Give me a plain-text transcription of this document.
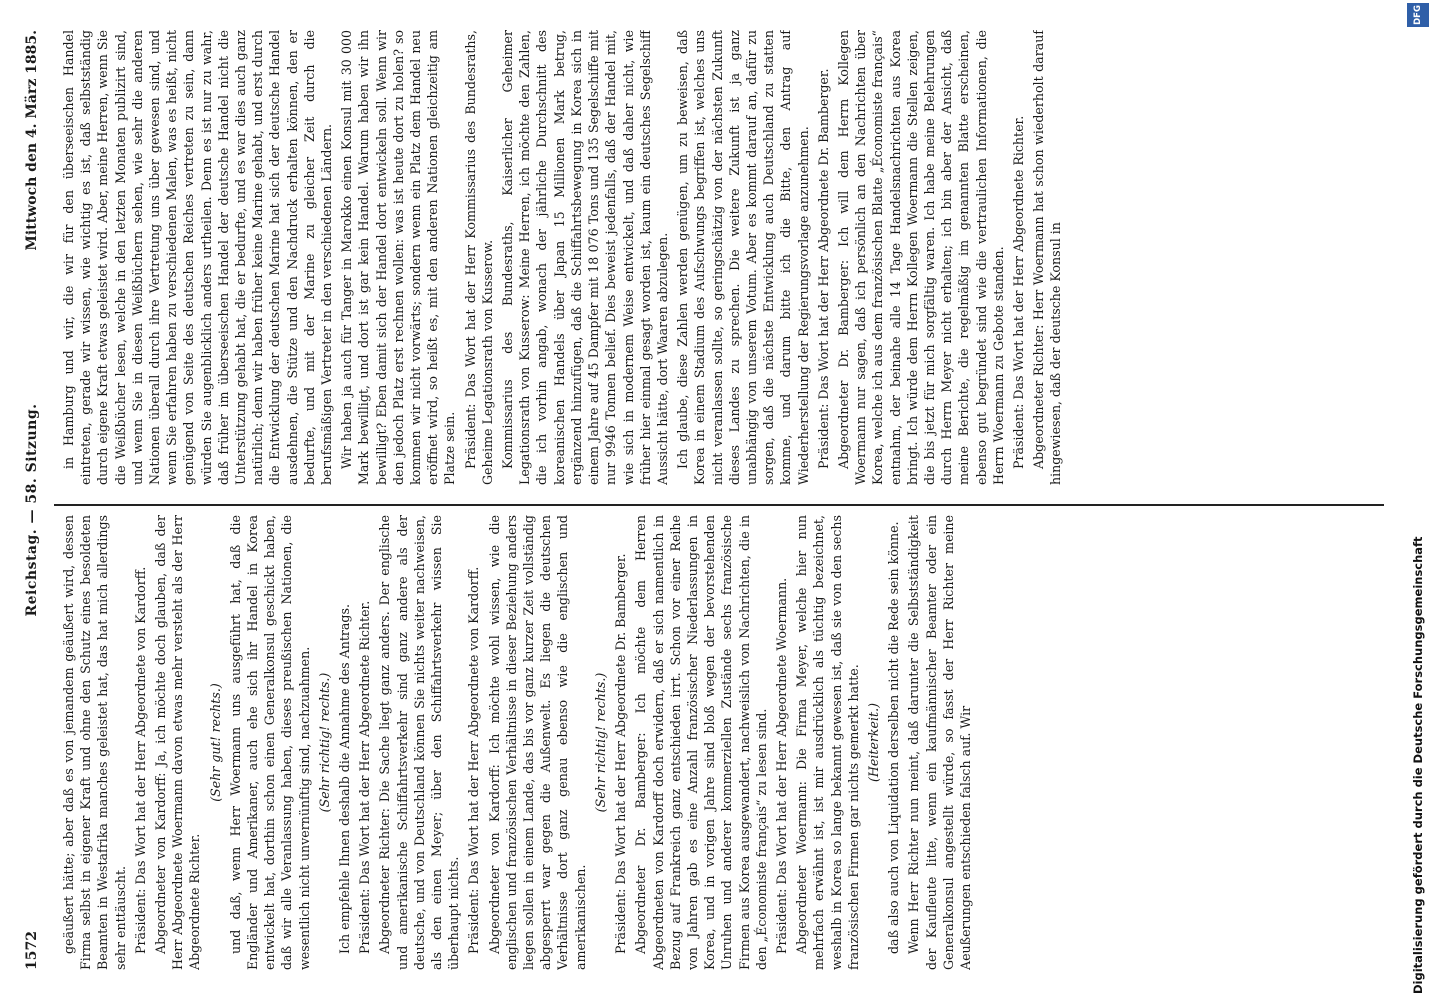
1572
Reichstag. — 58. Sitzung.
Mittwoch den 4. März 1885.

geäußert hätte; aber daß es von jemandem geäußert wird, dessen Firma selbst in eigener Kraft und ohne den Schutz eines besoldeten Beamten in Westafrika manches geleistet hat, das hat mich allerdings sehr enttäuscht. Präsident: Das Wort hat der Herr Abgeordnete von Kardorff. Abgeordneter von Kardorff: Ja, ich möchte doch glauben, daß der Herr Abgeordnete Woermann davon etwas mehr versteht als der Herr Abgeordnete Richter.

(Sehr gut! rechts.) und daß, wenn Herr Woermann uns ausgeführt hat, daß die Engländer und Amerikaner, auch ehe sich ihr Handel in Korea entwickelt hat, dorthin schon einen Generalkonsul geschickt haben, daß wir alle Veranlassung haben, dieses preußischen Nationen, die wesentlich nicht unvernünftig sind, nachzuahmen. (Sehr richtig! rechts.) Ich empfehle Ihnen deshalb die Annahme des Antrags. Präsident: Das Wort hat der Herr Abgeordnete Richter. Abgeordneter Richter: Die Sache liegt ganz anders. Der englische und amerikanische Schiffahrtsverkehr sind ganz andere als der deutsche, und von Deutschland können Sie nichts weiter nachweisen, als den einen Meyer; über den Schiffahrtsverkehr wissen Sie überhaupt nichts. Präsident: Das Wort hat der Herr Abgeordnete von Kardorff. Abgeordneter von Kardorff: Ich möchte wohl wissen, wie die englischen und französischen Verhältnisse in dieser Beziehung anders liegen sollen in einem Lande, das bis vor ganz kurzer Zeit vollständig abgesperrt war gegen die Außenwelt. Es liegen die deutschen Verhältnisse dort ganz genau ebenso wie die englischen und amerikanischen.

(Sehr richtig! rechts.) Präsident: Das Wort hat der Herr Abgeordnete Dr. Bamberger. Abgeordneter Dr. Bamberger: Ich möchte dem Herren Abgeordneten von Kardorff doch erwidern, daß er sich namentlich in Bezug auf Frankreich ganz entschieden irrt. Schon vor einer Reihe von Jahren gab es eine Anzahl französischer Niederlassungen in Korea, und in vorigen Jahre sind bloß wegen der bevorstehenden Unruhen und anderer kommerziellen Zustände sechs französische Firmen aus Korea ausgewandert, nachweislich von Nachrichten, die in den „Économiste français“ zu lesen sind. Präsident: Das Wort hat der Herr Abgeordnete Woermann. Abgeordneter Woermann: Die Firma Meyer, welche hier nun mehrfach erwähnt ist, ist mir ausdrücklich als tüchtig bezeichnet, weshalb in Korea so lange bekannt gewesen ist, daß sie von den sechs französischen Firmen gar nichts gemerkt hatte. (Heiterkeit.) daß also auch von Liquidation derselben nicht die Rede sein könne. Wenn Herr Richter nun meint, daß darunter die Selbstständigkeit der Kaufleute litte, wenn ein kaufmännischer Beamter oder ein Generalkonsul angestellt würde, so fasst der Herr Richter meine Aeußerungen entschieden falsch auf. Wir

in Hamburg und wir, die wir für den überseeischen Handel eintreten, gerade wir wissen, wie wichtig es ist, daß selbstständig durch eigene Kraft etwas geleistet wird. Aber, meine Herren, wenn Sie die Weißbücher lesen, welche in den letzten Monaten publizirt sind, und wenn Sie in diesen Weißbüchern sehen, wie sehr die anderen Nationen überall durch ihre Vertretung uns über gewesen sind, und wenn Sie erfahren haben zu verschiedenen Malen, was es heißt, nicht genügend von Seite des deutschen Reiches vertreten zu sein, dann würden Sie augenblicklich anders urtheilen. Denn es ist nur zu wahr, daß früher im überseeischen Handel der deutsche Handel nicht die Unterstützung gehabt hat, die er bedurfte, und es war dies auch ganz natürlich; denn wir haben früher keine Marine gehabt, und erst durch die Entwicklung der deutschen Marine hat sich der deutsche Handel ausdehnen, die Stütze und den Nachdruck erhalten können, den er bedurfte, und mit der Marine zu gleicher Zeit durch die berufsmäßigen Vertreter in den verschiedenen Ländern. Wir haben ja auch für Tanger in Marokko einen Konsul mit 30 000 Mark bewilligt, und dort ist gar kein Handel. Warum haben wir ihn bewilligt? Eben damit sich der Handel dort entwickeln soll. Wenn wir den jedoch Platz erst rechnen wollen: was ist heute dort zu holen? so kommen wir nicht vorwärts; sondern wenn ein Platz dem Handel neu eröffnet wird, so heißt es, mit den anderen Nationen gleichzeitig am Platze sein. Präsident: Das Wort hat der Herr Kommissarius des Bundesraths, Geheime Legationsrath von Kusserow. Kommissarius des Bundesraths, Kaiserlicher Geheimer Legationsrath von Kusserow: Meine Herren, ich möchte den Zahlen, die ich vorhin angab, wonach der jährliche Durchschnitt des koreanischen Handels über Japan 15 Millionen Mark betrug, ergänzend hinzufügen, daß die Schiffahrtsbewegung in Korea sich in einem Jahre auf 45 Dampfer mit 18 076 Tons und 135 Segelschiffe mit nur 9946 Tonnen belief. Dies beweist jedenfalls, daß der Handel mit, wie sich in modernem Weise entwickelt, und daß daher nicht, wie früher hier einmal gesagt worden ist, kaum ein deutsches Segelschiff Aussicht hätte, dort Waaren abzulegen. Ich glaube, diese Zahlen werden genügen, um zu beweisen, daß Korea in einem Stadium des Aufschwungs begriffen ist, welches uns nicht veranlassen sollte, so geringschätzig von der nächsten Zukunft dieses Landes zu sprechen. Die weitere Zukunft ist ja ganz unabhängig von unserem Votum. Aber es kommt darauf an, dafür zu sorgen, daß die nächste Entwicklung auch Deutschland zu statten komme, und darum bitte ich die Bitte, den Antrag auf Wiederherstellung der Regierungsvorlage anzunehmen. Präsident: Das Wort hat der Herr Abgeordnete Dr. Bamberger. Abgeordneter Dr. Bamberger: Ich will dem Herrn Kollegen Woermann nur sagen, daß ich persönlich an den Nachrichten über Korea, welche ich aus dem französischen Blatte „Économiste français“ entnahm, der beinahe alle 14 Tage Handelsnachrichten aus Korea bringt. Ich würde dem Herrn Kollegen Woermann die Stellen zeigen, die bis jetzt für mich sorgfältig waren. Ich habe meine Belehrungen durch Herrn Meyer nicht erhalten; ich bin aber der Ansicht, daß meine Berichte, die regelmäßig im genannten Blatte erscheinen, ebenso gut begründet sind wie die vertraulichen Informationen, die Herrn Woermann zu Gebote standen. Präsident: Das Wort hat der Herr Abgeordnete Richter. Abgeordneter Richter: Herr Woermann hat schon wiederholt darauf hingewiesen, daß der deutsche Konsul in

Digitalisierung gefördert durch die Deutsche Forschungsgemeinschaft
DFG
